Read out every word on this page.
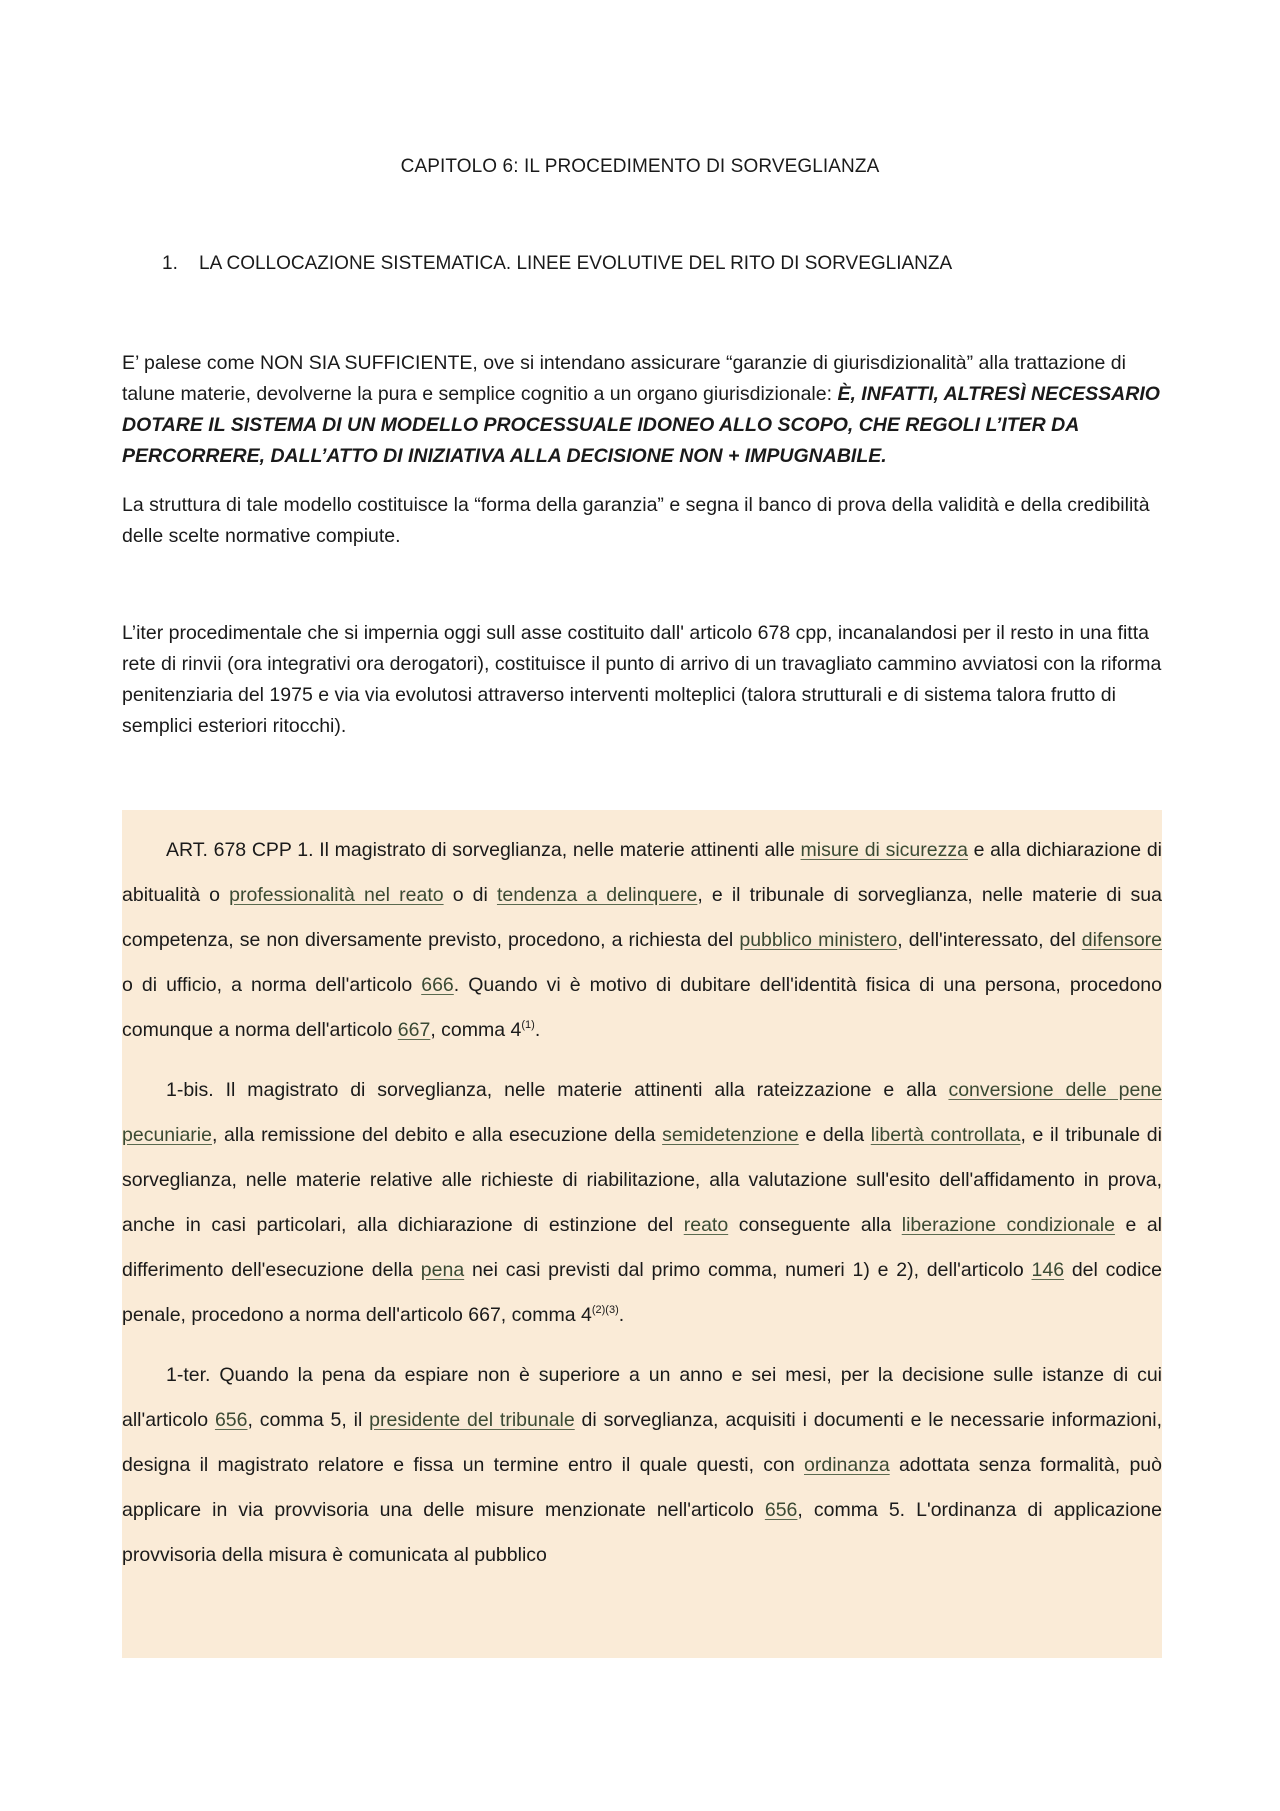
CAPITOLO 6: IL PROCEDIMENTO DI SORVEGLIANZA
1. LA COLLOCAZIONE SISTEMATICA. LINEE EVOLUTIVE DEL RITO DI SORVEGLIANZA
E’ palese come NON SIA SUFFICIENTE, ove si intendano assicurare “garanzie di giurisdizionalità” alla trattazione di talune materie, devolverne la pura e semplice cognitio a un organo giurisdizionale: È, INFATTI, ALTRESÌ NECESSARIO DOTARE IL SISTEMA DI UN MODELLO PROCESSUALE IDONEO ALLO SCOPO, CHE REGOLI L’ITER DA PERCORRERE, DALL’ATTO DI INIZIATIVA ALLA DECISIONE NON + IMPUGNABILE.
La struttura di tale modello costituisce la “forma della garanzia” e segna il banco di prova della validità e della credibilità delle scelte normative compiute.
L’iter procedimentale che si impernia oggi sull asse costituito dall' articolo 678 cpp, incanalandosi per il resto in una fitta rete di rinvii (ora integrativi ora derogatori), costituisce il punto di arrivo di un travagliato cammino avviatosi con la riforma penitenziaria del 1975 e via via evolutosi attraverso interventi molteplici (talora strutturali e di sistema talora frutto di semplici esteriori ritocchi).

ART. 678 CPP 1. Il magistrato di sorveglianza, nelle materie attinenti alle misure di sicurezza e alla dichiarazione di abitualità o professionalità nel reato o di tendenza a delinquere, e il tribunale di sorveglianza, nelle materie di sua competenza, se non diversamente previsto, procedono, a richiesta del pubblico ministero, dell'interessato, del difensore o di ufficio, a norma dell'articolo 666. Quando vi è motivo di dubitare dell'identità fisica di una persona, procedono comunque a norma dell'articolo 667, comma 4$^{(1)}$.

1-bis. Il magistrato di sorveglianza, nelle materie attinenti alla rateizzazione e alla conversione delle pene pecuniarie, alla remissione del debito e alla esecuzione della semidetenzione e della libertà controllata, e il tribunale di sorveglianza, nelle materie relative alle richieste di riabilitazione, alla valutazione sull'esito dell'affidamento in prova, anche in casi particolari, alla dichiarazione di estinzione del reato conseguente alla liberazione condizionale e al differimento dell'esecuzione della pena nei casi previsti dal primo comma, numeri 1) e 2), dell'articolo 146 del codice penale, procedono a norma dell'articolo 667, comma $4^{(2)(3)}$.

1-ter. Quando la pena da espiare non è superiore a un anno e sei mesi, per la decisione sulle istanze di cui all'articolo 656, comma 5, il presidente del tribunale di sorveglianza, acquisiti i documenti e le necessarie informazioni, designa il magistrato relatore e fissa un termine entro il quale questi, con ordinanza adottata senza formalità, può applicare in via provvisoria una delle misure menzionate nell'articolo 656, comma 5. L'ordinanza di applicazione provvisoria della misura è comunicata al pubblico
